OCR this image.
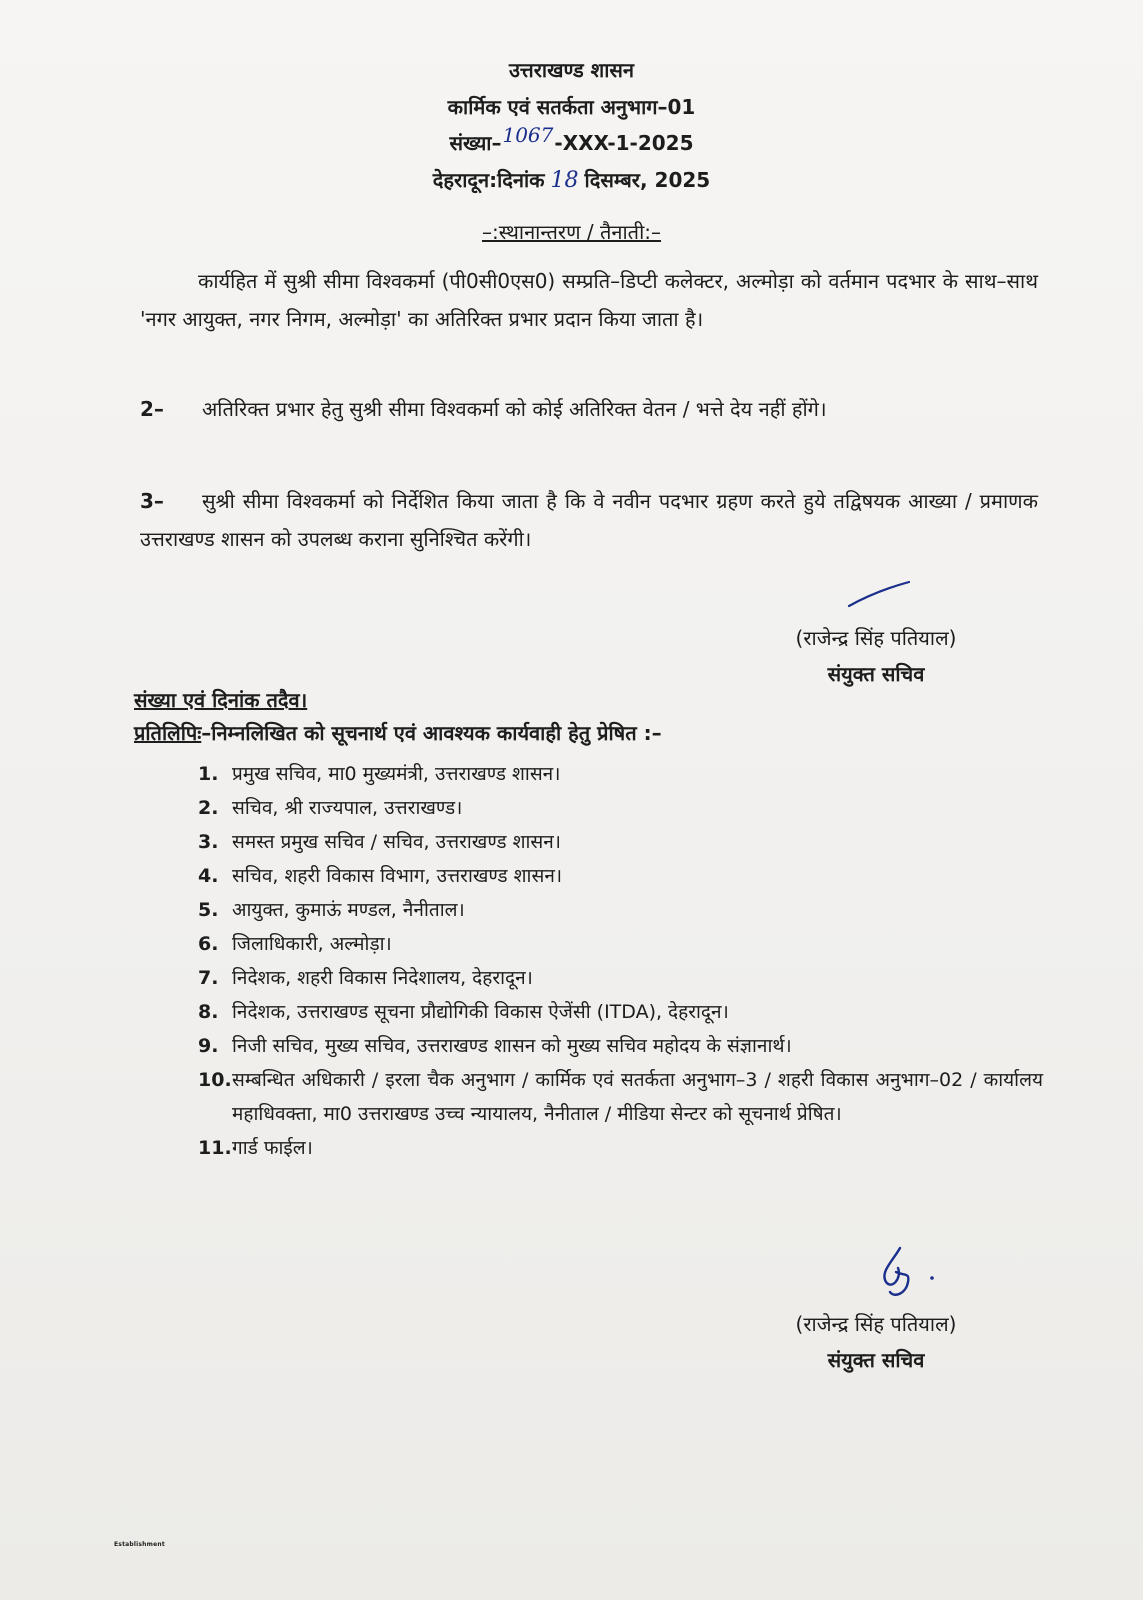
उत्तराखण्ड शासन
कार्मिक एवं सतर्कता अनुभाग–01
संख्या–1067-XXX-1-2025
देहरादून:दिनांक 18 दिसम्बर, 2025
–:स्थानान्तरण / तैनाती:–
कार्यहित में सुश्री सीमा विश्वकर्मा (पी0सी0एस0) सम्प्रति–डिप्टी कलेक्टर, अल्मोड़ा को वर्तमान पदभार के साथ–साथ 'नगर आयुक्त, नगर निगम, अल्मोड़ा' का अतिरिक्त प्रभार प्रदान किया जाता है।
2– अतिरिक्त प्रभार हेतु सुश्री सीमा विश्वकर्मा को कोई अतिरिक्त वेतन / भत्ते देय नहीं होंगे।
3– सुश्री सीमा विश्वकर्मा को निर्देशित किया जाता है कि वे नवीन पदभार ग्रहण करते हुये तद्विषयक आख्या / प्रमाणक उत्तराखण्ड शासन को उपलब्ध कराना सुनिश्चित करेंगी।
(राजेन्द्र सिंह पतियाल)
संयुक्त सचिव
संख्या एवं दिनांक तदैव।
प्रतिलिपिः–निम्नलिखित को सूचनार्थ एवं आवश्यक कार्यवाही हेतु प्रेषित :–
1. प्रमुख सचिव, मा0 मुख्यमंत्री, उत्तराखण्ड शासन।
2. सचिव, श्री राज्यपाल, उत्तराखण्ड।
3. समस्त प्रमुख सचिव / सचिव, उत्तराखण्ड शासन।
4. सचिव, शहरी विकास विभाग, उत्तराखण्ड शासन।
5. आयुक्त, कुमाऊं मण्डल, नैनीताल।
6. जिलाधिकारी, अल्मोड़ा।
7. निदेशक, शहरी विकास निदेशालय, देहरादून।
8. निदेशक, उत्तराखण्ड सूचना प्रौद्योगिकी विकास ऐजेंसी (ITDA), देहरादून।
9. निजी सचिव, मुख्य सचिव, उत्तराखण्ड शासन को मुख्य सचिव महोदय के संज्ञानार्थ।
10. सम्बन्धित अधिकारी / इरला चैक अनुभाग / कार्मिक एवं सतर्कता अनुभाग–3 / शहरी विकास अनुभाग–02 / कार्यालय महाधिवक्ता, मा0 उत्तराखण्ड उच्च न्यायालय, नैनीताल / मीडिया सेन्टर को सूचनार्थ प्रेषित।
11. गार्ड फाईल।
(राजेन्द्र सिंह पतियाल)
संयुक्त सचिव
Establishment
